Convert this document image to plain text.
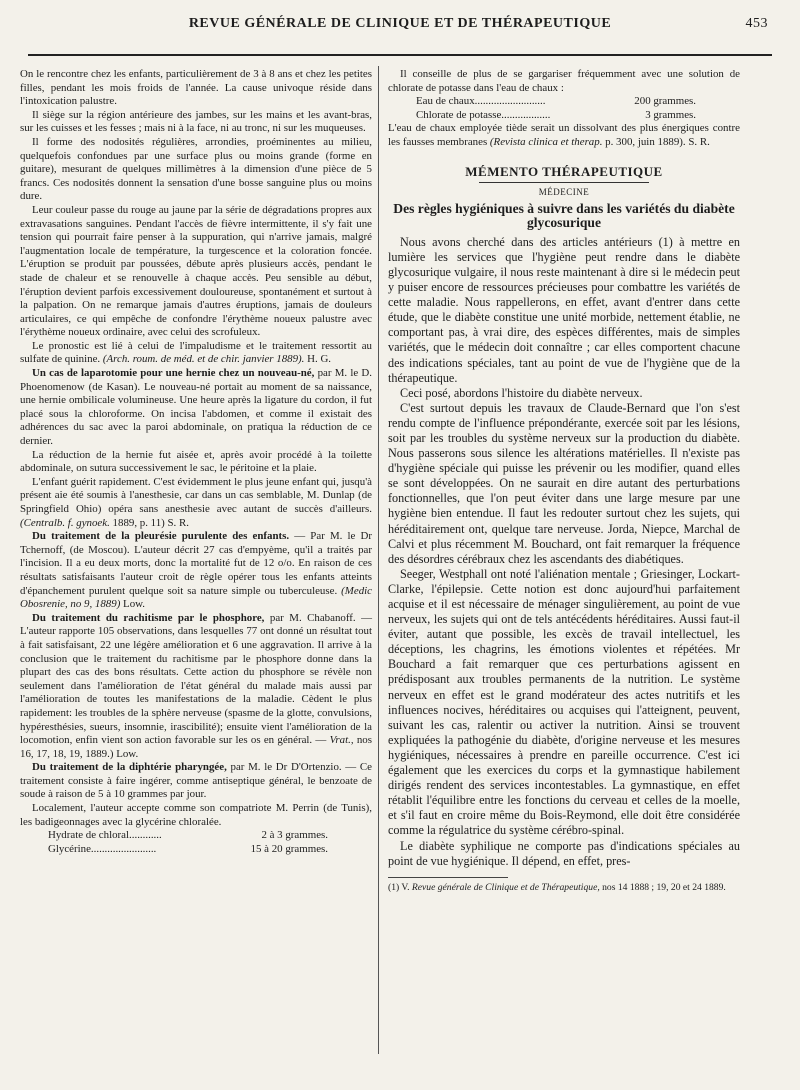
REVUE GÉNÉRALE DE CLINIQUE ET DE THÉRAPEUTIQUE	453

On le rencontre chez les enfants, particulièrement de 3 à 8 ans et chez les petites filles, pendant les mois froids de l'année. La cause univoque réside dans l'intoxication palustre.

Il siège sur la région antérieure des jambes, sur les mains et les avant-bras, sur les cuisses et les fesses ; mais ni à la face, ni au tronc, ni sur les muqueuses.

Il forme des nodosités régulières, arrondies, proéminentes au milieu, quelquefois confondues par une surface plus ou moins grande (forme en guitare), mesurant de quelques millimètres à la dimension d'une pièce de 5 francs. Ces nodosités donnent la sensation d'une bosse sanguine plus ou moins dure.

Leur couleur passe du rouge au jaune par la série de dégradations propres aux extravasations sanguines. Pendant l'accès de fièvre intermittente, il s'y fait une tension qui pourrait faire penser à la suppuration, qui n'arrive jamais, malgré l'augmentation locale de température, la turgescence et la coloration foncée. L'éruption se produit par poussées, débute après plusieurs accès, pendant le stade de chaleur et se renouvelle à chaque accès. Peu sensible au début, l'éruption devient parfois excessivement douloureuse, spontanément et surtout à la palpation. On ne remarque jamais d'autres éruptions, jamais de douleurs articulaires, ce qui empêche de confondre l'érythème noueux palustre avec l'érythème noueux ordinaire, avec celui des scrofuleux.

Le pronostic est lié à celui de l'impaludisme et le traitement ressortit au sulfate de quinine. (Arch. roum. de méd. et de chir. janvier 1889). H. G.

Un cas de laparotomie pour une hernie chez un nouveau-né, par M. le D. Phoenomenow (de Kasan). Le nouveau-né portait au moment de sa naissance, une hernie ombilicale volumineuse. Une heure après la ligature du cordon, il fut placé sous la chloroforme. On incisa l'abdomen, et comme il existait des adhérences du sac avec la paroi abdominale, on pratiqua la réduction de ce dernier.

La réduction de la hernie fut aisée et, après avoir procédé à la toilette abdominale, on sutura successivement le sac, le péritoine et la plaie.

L'enfant guérit rapidement. C'est évidemment le plus jeune enfant qui, jusqu'à présent aie été soumis à l'anesthesie, car dans un cas semblable, M. Dunlap (de Springfield Ohio) opéra sans anesthesie avec autant de succès d'ailleurs. (Centralb. f. gynoek. 1889, p. 11) S. R.

Du traitement de la pleurésie purulente des enfants. — Par M. le Dr Tchernoff, (de Moscou). L'auteur décrit 27 cas d'empyème, qu'il a traités par l'incision. Il a eu deux morts, donc la mortalité fut de 12 o/o. En raison de ces résultats satisfaisants l'auteur croit de règle opérer tous les enfants atteints d'épanchement purulent quelque soit sa nature simple ou tuberculeuse. (Medic Obosrenie, no 9, 1889) Low.

Du traitement du rachitisme par le phosphore, par M. Chabanoff. — L'auteur rapporte 105 observations, dans lesquelles 77 ont donné un résultat tout à fait satisfaisant, 22 une légère amélioration et 6 une aggravation. Il arrive à la conclusion que le traitement du rachitisme par le phosphore donne dans la plupart des cas des bons résultats. Cette action du phosphore se révèle non seulement dans l'amélioration de l'état général du malade mais aussi par l'amélioration de toutes les manifestations de la maladie. Cèdent le plus rapidement: les troubles de la sphère nerveuse (spasme de la glotte, convulsions, hypéresthésies, sueurs, insomnie, irascibilité); ensuite vient l'amélioration de la locomotion, enfin vient son action favorable sur les os en général. — Vrat., nos 16, 17, 18, 19, 1889.) Low.

Du traitement de la diphtérie pharyngée, par M. le Dr D'Ortenzio. — Ce traitement consiste à faire ingérer, comme antiseptique général, le benzoate de soude à raison de 5 à 10 grammes par jour.

Localement, l'auteur accepte comme son compatriote M. Perrin (de Tunis), les badigeonnages avec la glycérine chloralée.

Hydrate de chloral............	2 à 3 grammes.
Glycérine........................	15 à 20 grammes.

Il conseille de plus de se gargariser fréquemment avec une solution de chlorate de potasse dans l'eau de chaux :

Eau de chaux..........................	200 grammes.
Chlorate de potasse..................	3 grammes.

L'eau de chaux employée tiède serait un dissolvant des plus énergiques contre les fausses membranes (Revista clinica et therap. p. 300, juin 1889). S. R.

MÉMENTO THÉRAPEUTIQUE
MÉDECINE
Des règles hygiéniques à suivre dans les variétés du diabète glycosurique

Nous avons cherché dans des articles antérieurs (1) à mettre en lumière les services que l'hygiène peut rendre dans le diabète glycosurique vulgaire, il nous reste maintenant à dire si le médecin peut y puiser encore de ressources précieuses pour combattre les variétés de cette maladie. Nous rappellerons, en effet, avant d'entrer dans cette étude, que le diabète constitue une unité morbide, nettement établie, ne comportant pas, à vrai dire, des espèces différentes, mais de simples variétés, que le médecin doit connaître ; car elles comportent chacune des indications spéciales, tant au point de vue de l'hygiène que de la thérapeutique.

Ceci posé, abordons l'histoire du diabète nerveux.

C'est surtout depuis les travaux de Claude-Bernard que l'on s'est rendu compte de l'influence prépondérante, exercée soit par les lésions, soit par les troubles du système nerveux sur la production du diabète. Nous passerons sous silence les altérations matérielles. Il n'existe pas d'hygiène spéciale qui puisse les prévenir ou les modifier, quand elles se sont développées. On ne saurait en dire autant des perturbations fonctionnelles, que l'on peut éviter dans une large mesure par une hygiène bien entendue. Il faut les redouter surtout chez les sujets, qui héréditairement ont, quelque tare nerveuse. Jorda, Niepce, Marchal de Calvi et plus récemment M. Bouchard, ont fait remarquer la fréquence des désordres cérébraux chez les ascendants des diabétiques.

Seeger, Westphall ont noté l'aliénation mentale ; Griesinger, Lockart-Clarke, l'épilepsie. Cette notion est donc aujourd'hui parfaitement acquise et il est nécessaire de ménager singulièrement, au point de vue nerveux, les sujets qui ont de tels antécédents héréditaires. Aussi faut-il éviter, autant que possible, les excès de travail intellectuel, les déceptions, les chagrins, les émotions violentes et répétées. Mr Bouchard a fait remarquer que ces perturbations agissent en prédisposant aux troubles permanents de la nutrition. Le système nerveux en effet est le grand modérateur des actes nutritifs et les influences nocives, héréditaires ou acquises qui l'atteignent, peuvent, suivant les cas, ralentir ou activer la nutrition. Ainsi se trouvent expliquées la pathogénie du diabète, d'origine nerveuse et les mesures hygiéniques, nécessaires à prendre en pareille occurrence. C'est ici également que les exercices du corps et la gymnastique habilement dirigés rendent des services incontestables. La gymnastique, en effet rétablit l'équilibre entre les fonctions du cerveau et celles de la moelle, et s'il faut en croire même du Bois-Reymond, elle doit être considérée comme la régulatrice du système cérébro-spinal.

Le diabète syphilique ne comporte pas d'indications spéciales au point de vue hygiénique. Il dépend, en effet, pres-

(1) V. Revue générale de Clinique et de Thérapeutique, nos 14 1888 ; 19, 20 et 24 1889.
